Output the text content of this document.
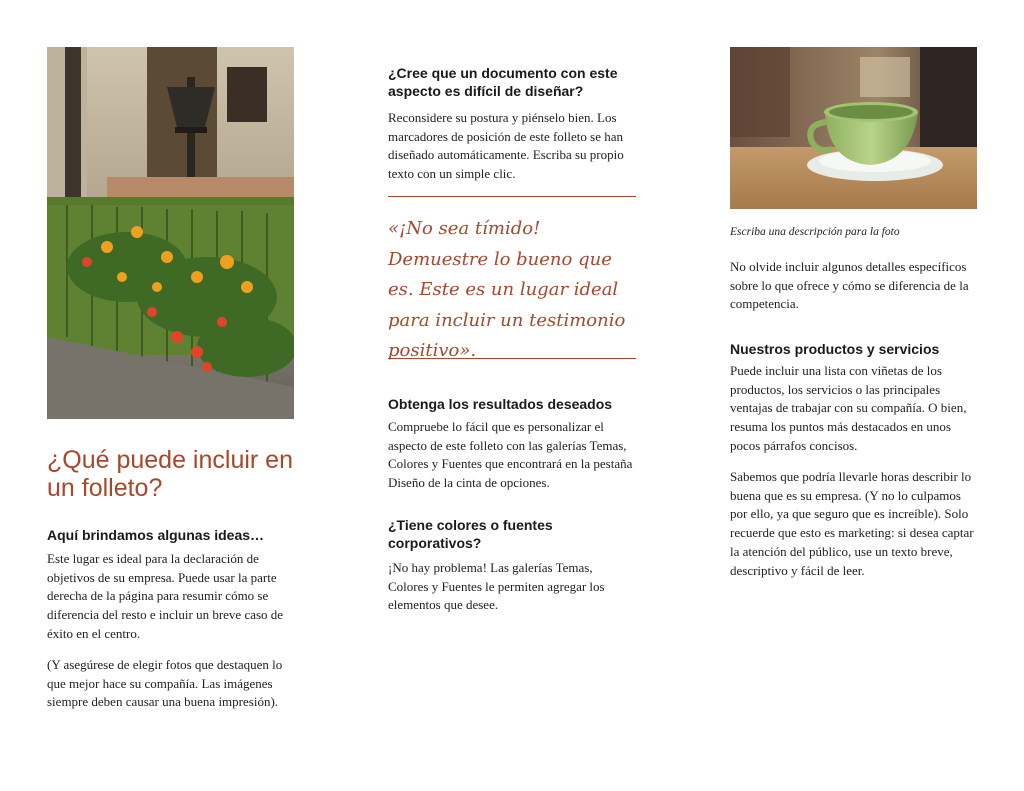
¿Qué puede incluir en un folleto?
Aquí brindamos algunas ideas…

Este lugar es ideal para la declaración de objetivos de su empresa. Puede usar la parte derecha de la página para resumir cómo se diferencia del resto e incluir un breve caso de éxito en el centro.

(Y asegúrese de elegir fotos que destaquen lo que mejor hace su compañía. Las imágenes siempre deben causar una buena impresión).

¿Cree que un documento con este aspecto es difícil de diseñar?

Reconsidere su postura y piénselo bien. Los marcadores de posición de este folleto se han diseñado automáticamente. Escriba su propio texto con un simple clic.

«¡No sea tímido! Demuestre lo bueno que es. Este es un lugar ideal para incluir un testimonio positivo».

Obtenga los resultados deseados

Compruebe lo fácil que es personalizar el aspecto de este folleto con las galerías Temas, Colores y Fuentes que encontrará en la pestaña Diseño de la cinta de opciones.

¿Tiene colores o fuentes corporativos?

¡No hay problema! Las galerías Temas, Colores y Fuentes le permiten agregar los elementos que desee.

Escriba una descripción para la foto

No olvide incluir algunos detalles específicos sobre lo que ofrece y cómo se diferencia de la competencia.

Nuestros productos y servicios

Puede incluir una lista con viñetas de los productos, los servicios o las principales ventajas de trabajar con su compañía. O bien, resuma los puntos más destacados en unos pocos párrafos concisos.

Sabemos que podría llevarle horas describir lo buena que es su empresa. (Y no lo culpamos por ello, ya que seguro que es increíble). Solo recuerde que esto es marketing: si desea captar la atención del público, use un texto breve, descriptivo y fácil de leer.
